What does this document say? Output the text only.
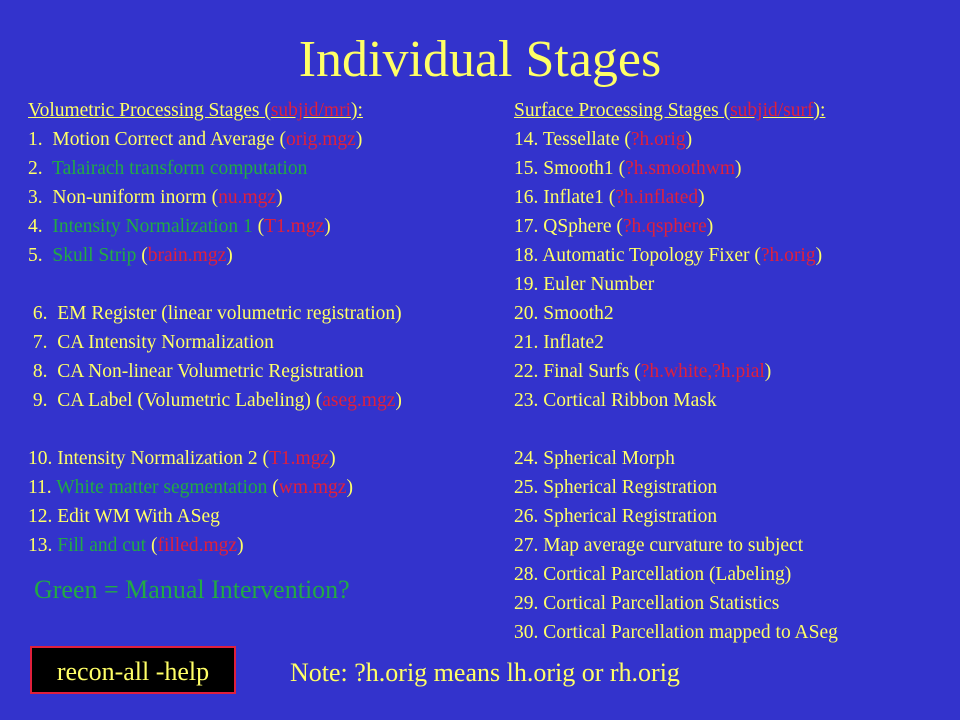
Individual Stages
Volumetric Processing Stages (subjid/mri):
1.  Motion Correct and Average (orig.mgz)
2.  Talairach transform computation
3.  Non-uniform inorm (nu.mgz)
4.  Intensity Normalization 1 (T1.mgz)
5.  Skull Strip (brain.mgz)
6.  EM Register (linear volumetric registration)
7.  CA Intensity Normalization
8.  CA Non-linear Volumetric Registration
9.  CA Label (Volumetric Labeling) (aseg.mgz)
10. Intensity Normalization 2 (T1.mgz)
11. White matter segmentation (wm.mgz)
12. Edit WM With ASeg
13. Fill and cut (filled.mgz)
Surface Processing Stages (subjid/surf):
14. Tessellate (?h.orig)
15. Smooth1 (?h.smoothwm)
16. Inflate1 (?h.inflated)
17. QSphere (?h.qsphere)
18. Automatic Topology Fixer (?h.orig)
19. Euler Number
20. Smooth2
21. Inflate2
22. Final Surfs (?h.white,?h.pial)
23. Cortical Ribbon Mask
24. Spherical Morph
25. Spherical Registration
26. Spherical Registration
27. Map average curvature to subject
28. Cortical Parcellation (Labeling)
29. Cortical Parcellation Statistics
30. Cortical Parcellation mapped to ASeg
Green = Manual Intervention?
recon-all -help	Note: ?h.orig means lh.orig or rh.orig
